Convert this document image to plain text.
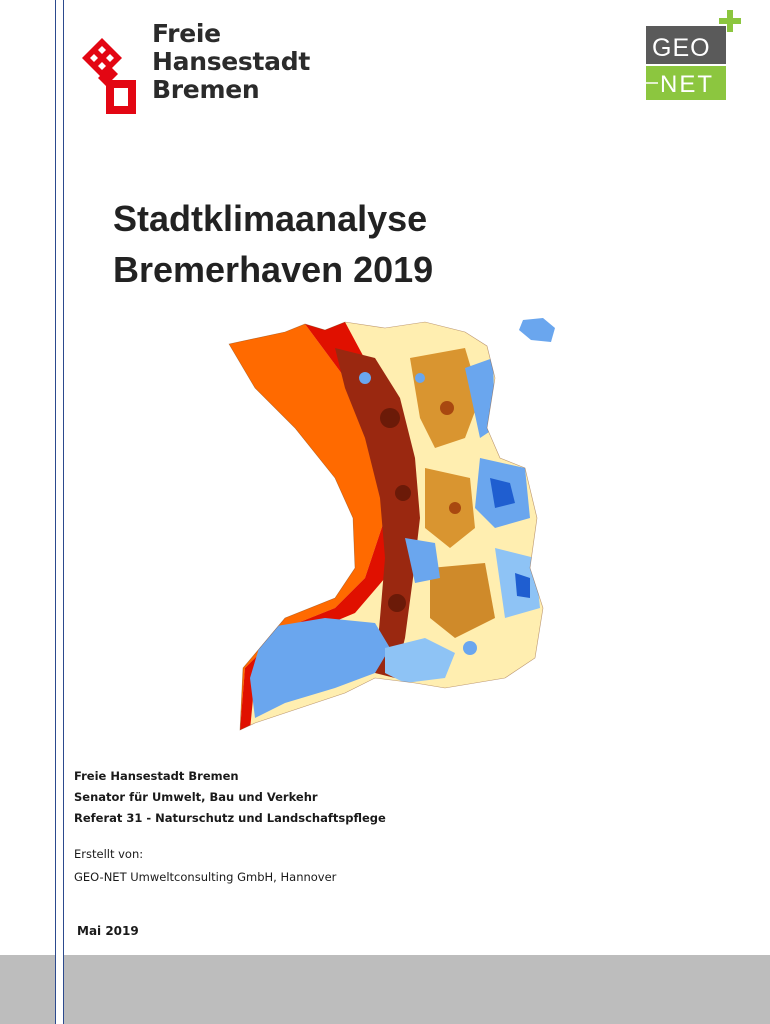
Freie
Hansestadt
Bremen
GEO
NET
Stadtklimaanalyse
Bremerhaven 2019
Freie Hansestadt Bremen
Senator für Umwelt, Bau und Verkehr
Referat 31 - Naturschutz und Landschaftspflege
Erstellt von:
GEO-NET Umweltconsulting GmbH, Hannover
Mai 2019
